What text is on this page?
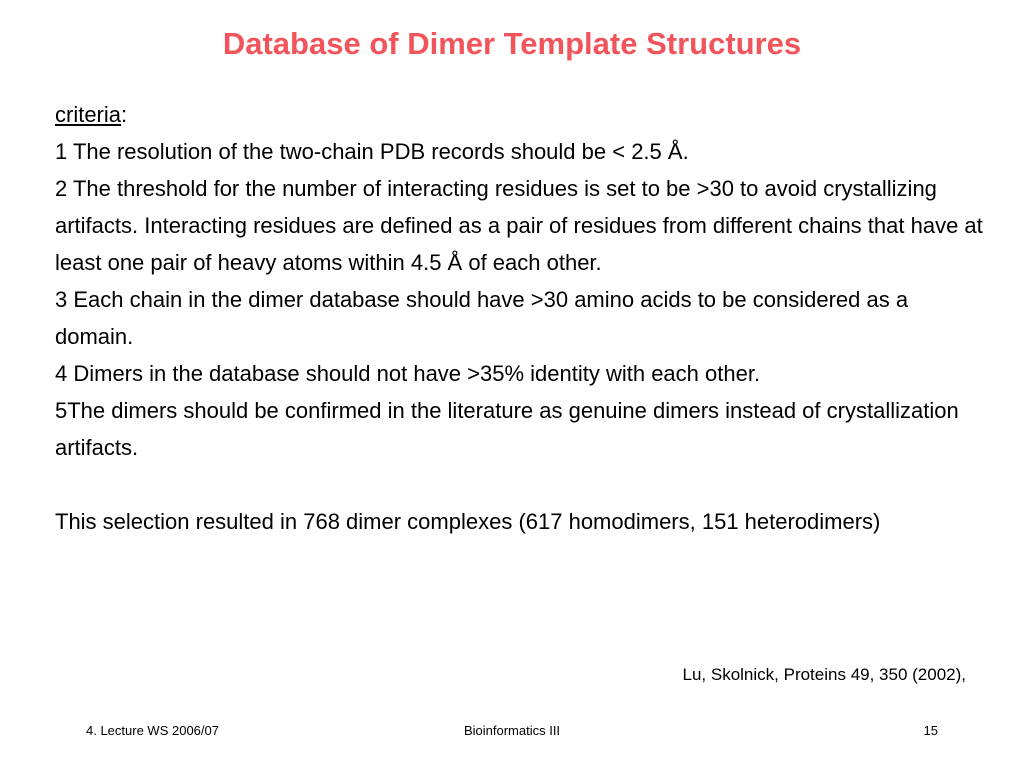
Database of Dimer Template Structures

criteria:

1 The resolution of the two-chain PDB records should be < 2.5 Å.

2 The threshold for the number of interacting residues is set to be >30 to avoid crystallizing artifacts. Interacting residues are defined as a pair of residues from different chains that have at least one pair of heavy atoms within 4.5 Å of each other.

3 Each chain in the dimer database should have >30 amino acids to be considered as a domain.

4 Dimers in the database should not have >35% identity with each other.

5The dimers should be confirmed in the literature as genuine dimers instead of crystallization artifacts.

This selection resulted in 768 dimer complexes (617 homodimers, 151 heterodimers)

Lu, Skolnick, Proteins 49, 350 (2002),
4. Lecture WS 2006/07	Bioinformatics III	15
